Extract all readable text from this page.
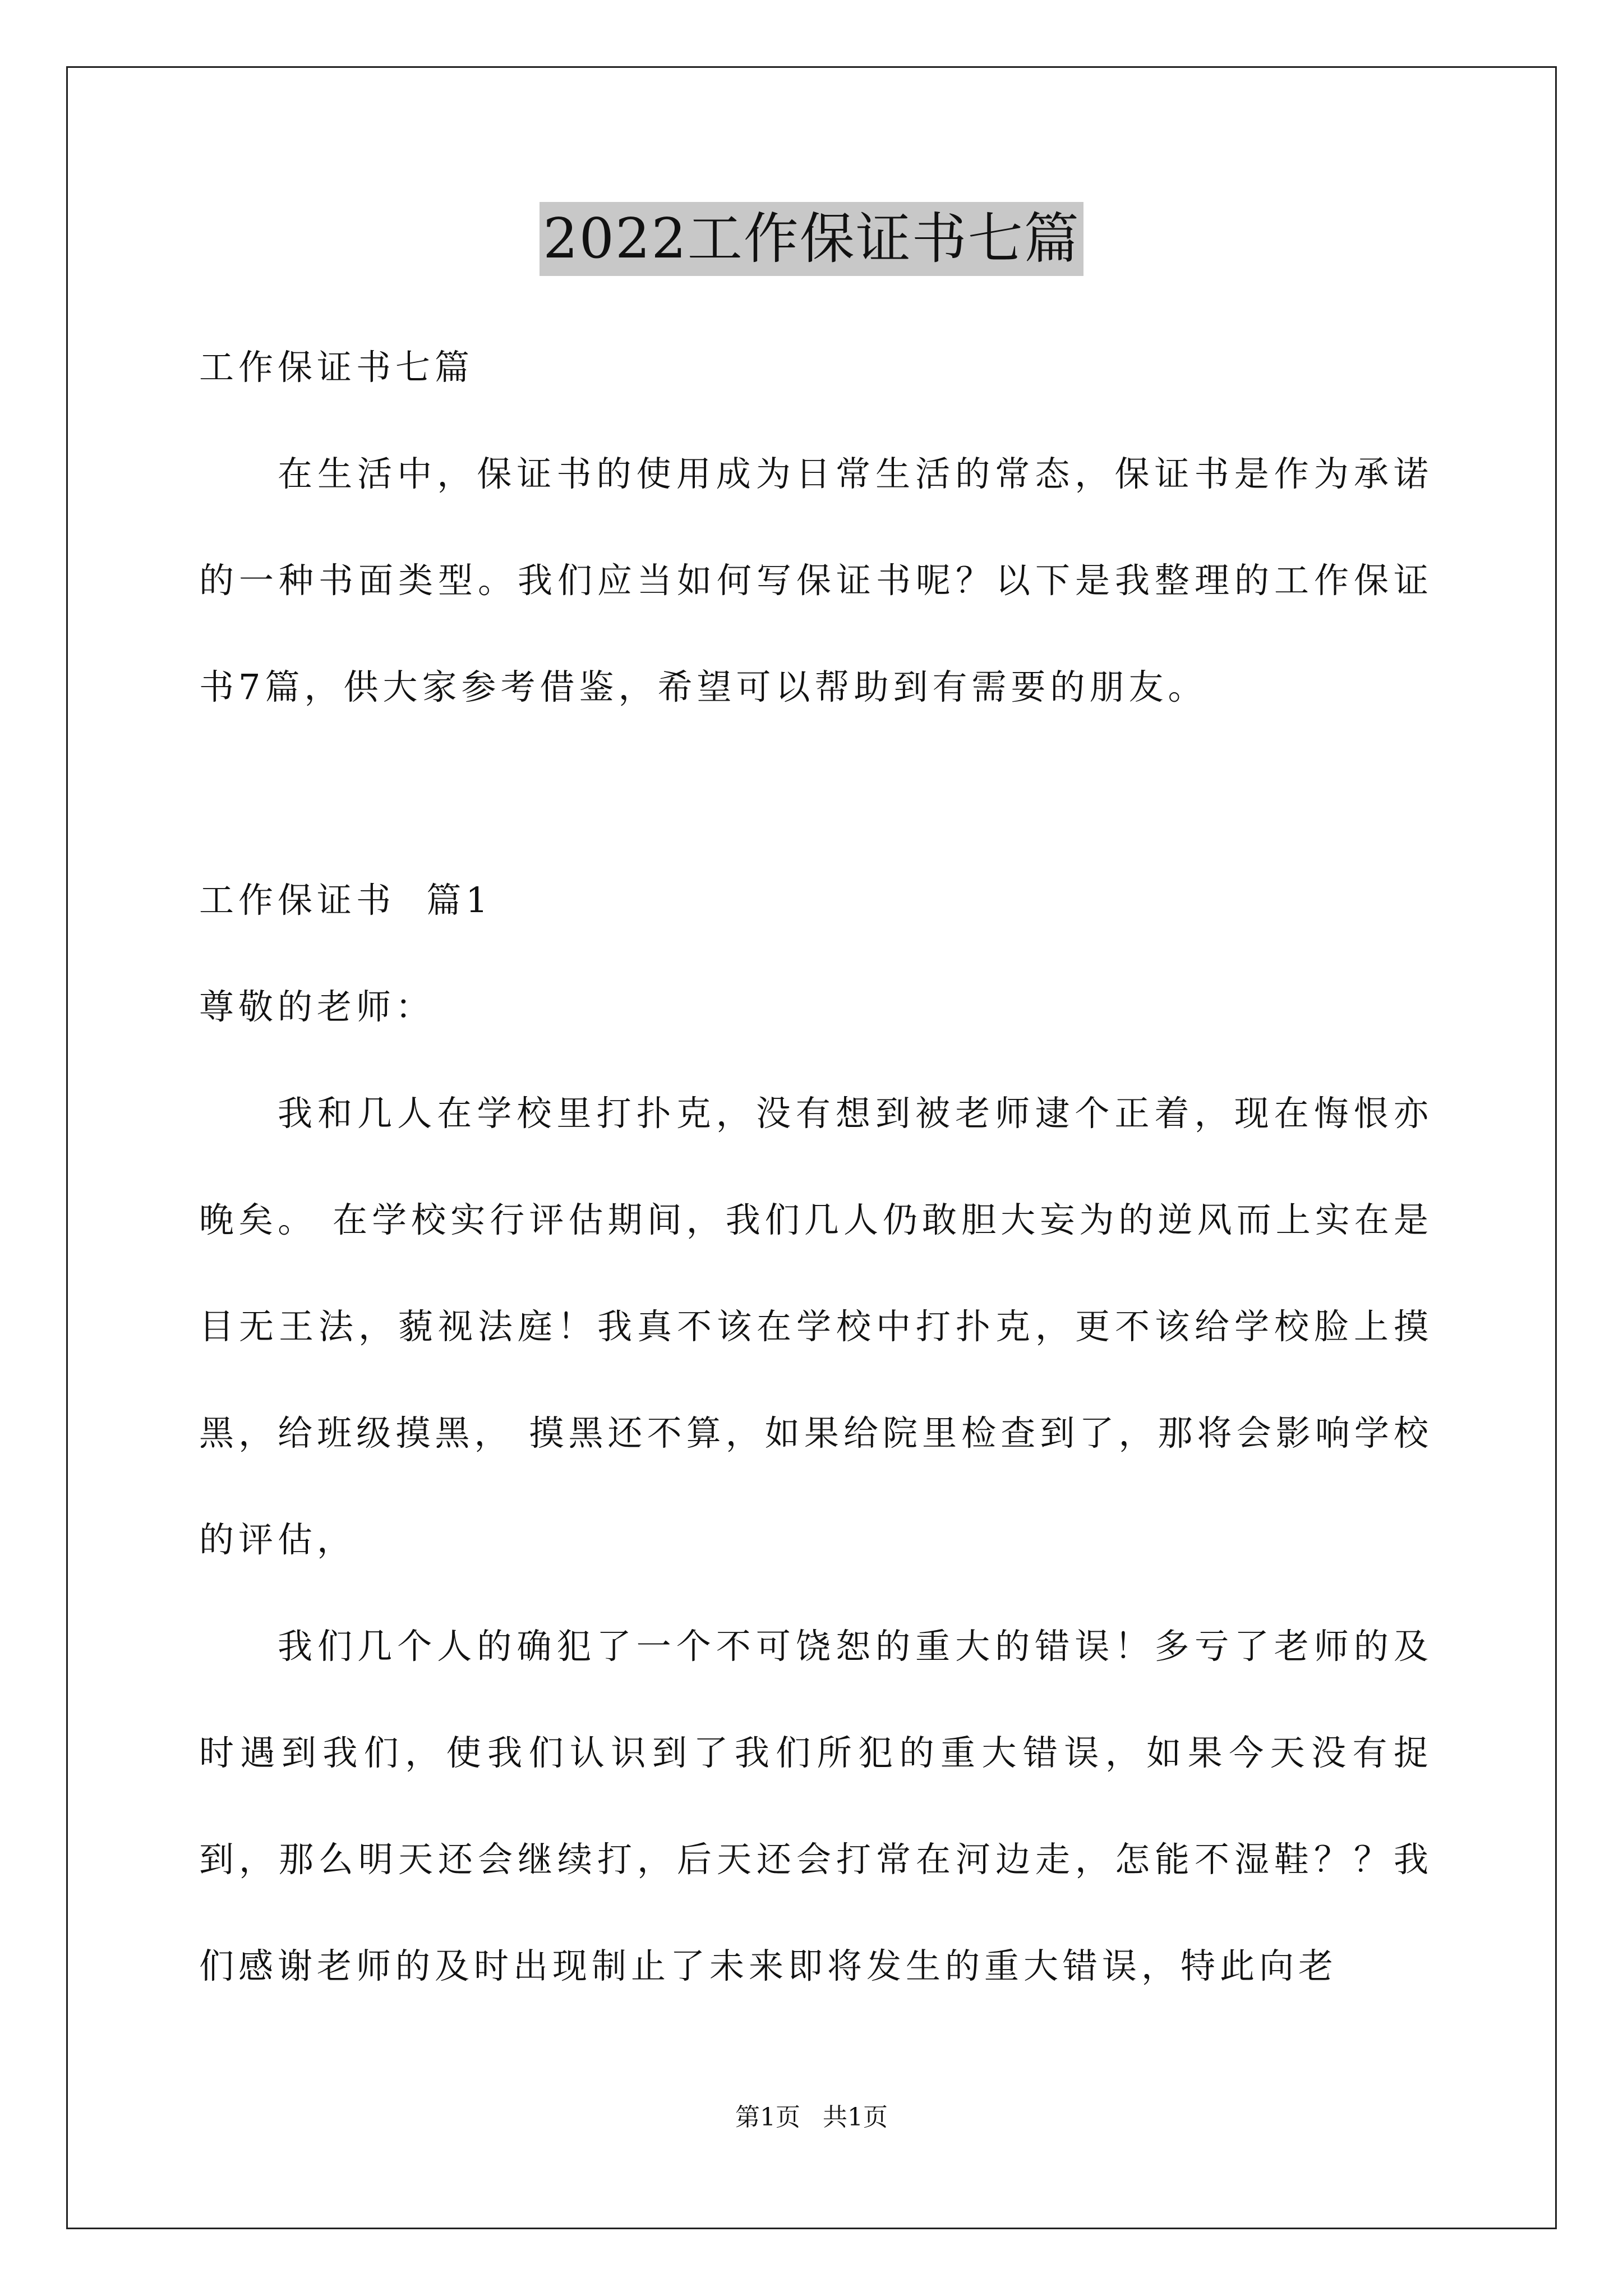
2022工作保证书七篇

工作保证书七篇

在生活中，保证书的使用成为日常生活的常态，保证书是作为承诺的一种书面类型。我们应当如何写保证书呢？以下是我整理的工作保证书7篇，供大家参考借鉴，希望可以帮助到有需要的朋友。

工作保证书  篇1

尊敬的老师：

我和几人在学校里打扑克，没有想到被老师逮个正着，现在悔恨亦晚矣。 在学校实行评估期间，我们几人仍敢胆大妄为的逆风而上实在是目无王法，藐视法庭！我真不该在学校中打扑克，更不该给学校脸上摸黑，给班级摸黑， 摸黑还不算，如果给院里检查到了，那将会影响学校的评估，

我们几个人的确犯了一个不可饶恕的重大的错误！多亏了老师的及时遇到我们，使我们认识到了我们所犯的重大错误，如果今天没有捉到，那么明天还会继续打，后天还会打常在河边走，怎能不湿鞋？？我们感谢老师的及时出现制止了未来即将发生的重大错误，特此向老

第1页 共1页
